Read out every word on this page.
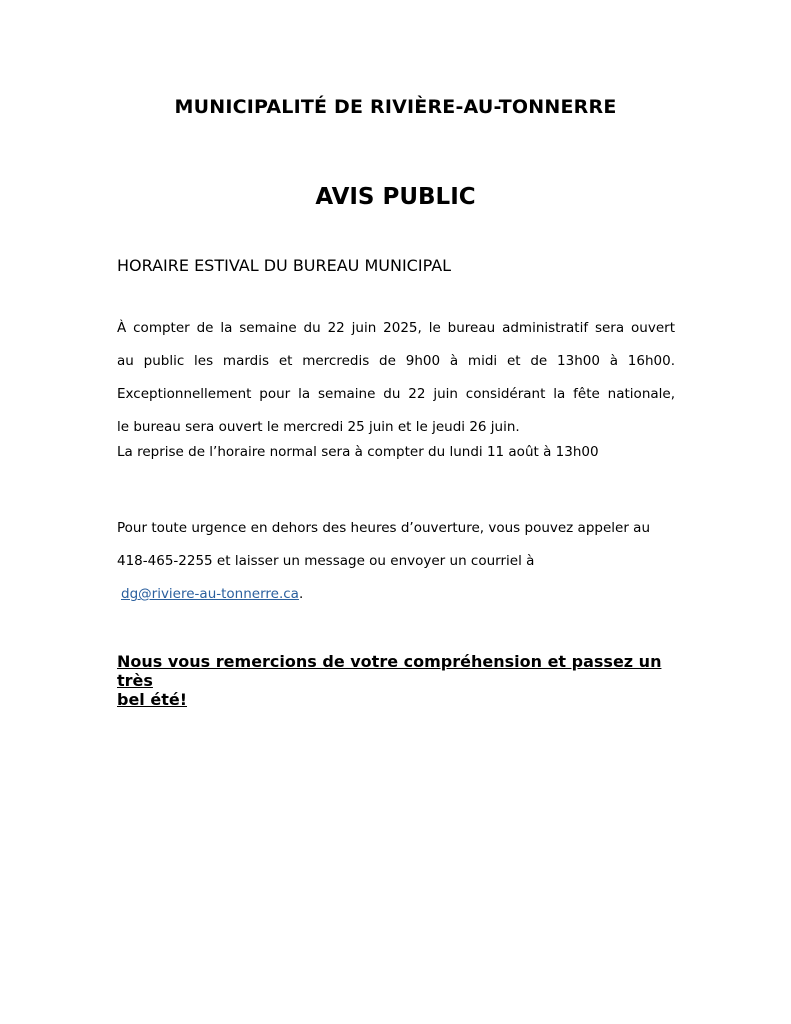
MUNICIPALITÉ DE RIVIÈRE-AU-TONNERRE
AVIS PUBLIC
HORAIRE ESTIVAL DU BUREAU MUNICIPAL
À compter de la semaine du 22 juin 2025, le bureau administratif sera ouvert
au public les mardis et mercredis de 9h00 à midi et de 13h00 à 16h00.
Exceptionnellement pour la semaine du 22 juin considérant la fête nationale,
le bureau sera ouvert le mercredi 25 juin et le jeudi 26 juin.
La reprise de l’horaire normal sera à compter du lundi 11 août à 13h00
Pour toute urgence en dehors des heures d’ouverture, vous pouvez appeler au
418-465-2255 et laisser un message ou envoyer un courriel à
dg@riviere-au-tonnerre.ca.

Nous vous remercions de votre compréhension et passez un très

bel été!
